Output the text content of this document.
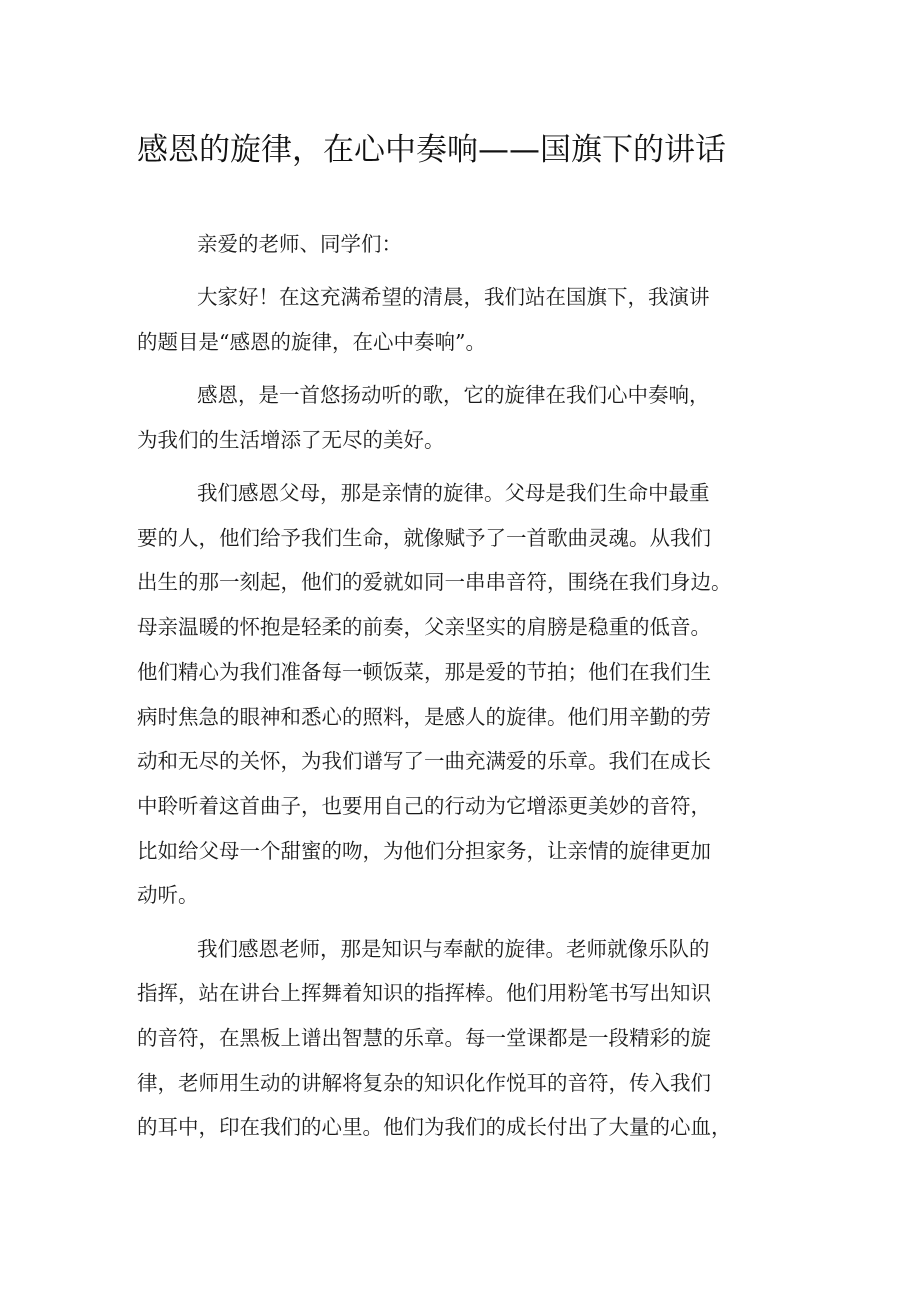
感恩的旋律，在心中奏响——国旗下的讲话

亲爱的老师、同学们：

大家好！在这充满希望的清晨，我们站在国旗下，我演讲
的题目是“感恩的旋律，在心中奏响”。

感恩，是一首悠扬动听的歌，它的旋律在我们心中奏响，
为我们的生活增添了无尽的美好。

我们感恩父母，那是亲情的旋律。父母是我们生命中最重
要的人，他们给予我们生命，就像赋予了一首歌曲灵魂。从我们
出生的那一刻起，他们的爱就如同一串串音符，围绕在我们身边。
母亲温暖的怀抱是轻柔的前奏，父亲坚实的肩膀是稳重的低音。
他们精心为我们准备每一顿饭菜，那是爱的节拍；他们在我们生
病时焦急的眼神和悉心的照料，是感人的旋律。他们用辛勤的劳
动和无尽的关怀，为我们谱写了一曲充满爱的乐章。我们在成长
中聆听着这首曲子，也要用自己的行动为它增添更美妙的音符，
比如给父母一个甜蜜的吻，为他们分担家务，让亲情的旋律更加
动听。

我们感恩老师，那是知识与奉献的旋律。老师就像乐队的
指挥，站在讲台上挥舞着知识的指挥棒。他们用粉笔书写出知识
的音符，在黑板上谱出智慧的乐章。每一堂课都是一段精彩的旋
律，老师用生动的讲解将复杂的知识化作悦耳的音符，传入我们
的耳中，印在我们的心里。他们为我们的成长付出了大量的心血，
